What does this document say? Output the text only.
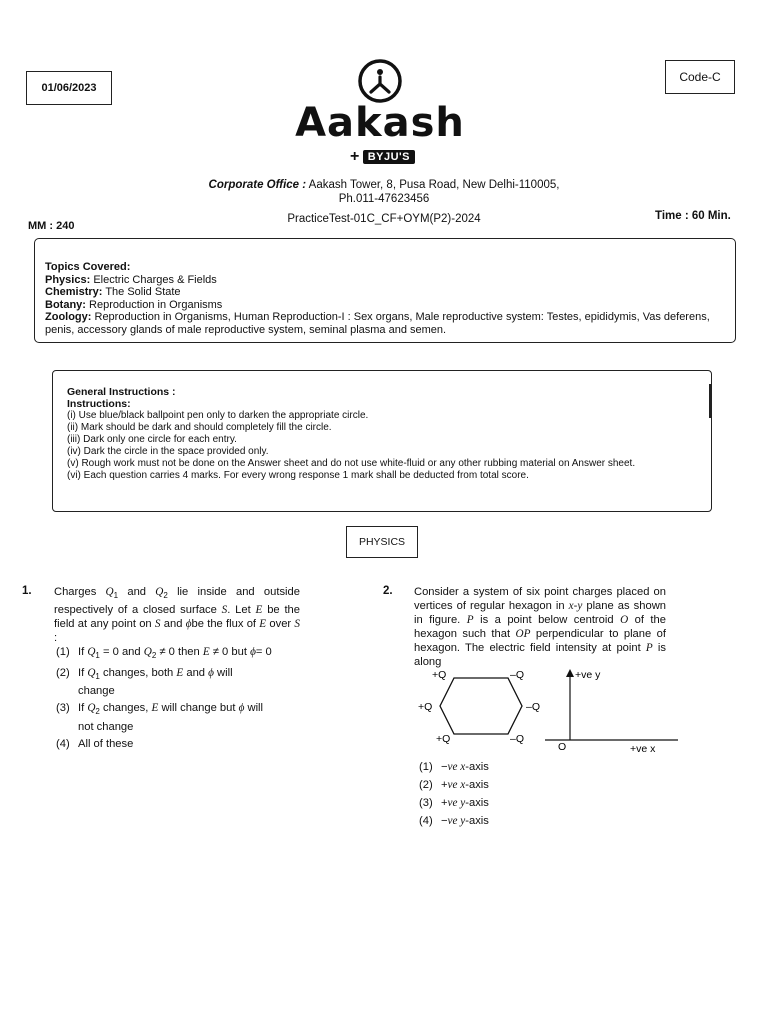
01/06/2023
Code-C
Aakash
+ BYJU'S
Corporate Office : Aakash Tower, 8, Pusa Road, New Delhi-110005,
Ph.011-47623456
MM : 240
PracticeTest-01C_CF+OYM(P2)-2024	Time : 60 Min.
Topics Covered:
Physics: Electric Charges & Fields
Chemistry: The Solid State
Botany: Reproduction in Organisms
Zoology: Reproduction in Organisms, Human Reproduction-I : Sex organs, Male reproductive system: Testes, epididymis, Vas deferens, penis, accessory glands of male reproductive system, seminal plasma and semen.
General Instructions :
Instructions:
(i) Use blue/black ballpoint pen only to darken the appropriate circle.
(ii) Mark should be dark and should completely fill the circle.
(iii) Dark only one circle for each entry.
(iv) Dark the circle in the space provided only.
(v) Rough work must not be done on the Answer sheet and do not use white-fluid or any other rubbing material on Answer sheet.
(vi) Each question carries 4 marks. For every wrong response 1 mark shall be deducted from total score.
PHYSICS
1. Charges $Q_1$ and $Q_2$ lie inside and outside respectively of a closed surface S. Let E be the field at any point on S and ϕbe the flux of E over S :
(1) If $Q_1 = 0$ and $Q_2 \ne 0$ then E ≠ 0 but ϕ= 0
(2) If $Q_1$ changes, both E and ϕ will
change
(3) If $Q_2$ changes, E will change but ϕ will
not change
(4) All of these
2. Consider a system of six point charges placed on vertices of regular hexagon in x-y plane as shown in figure. P is a point below centroid O of the hexagon such that OP perpendicular to plane of hexagon. The electric field intensity at point P is along
+Q	–Q
+Q	–Q
+Q	–Q
+ve y
O	+ve x
(1) −ve x-axis
(2) +ve x-axis
(3) +ve y-axis
(4) −ve y-axis
